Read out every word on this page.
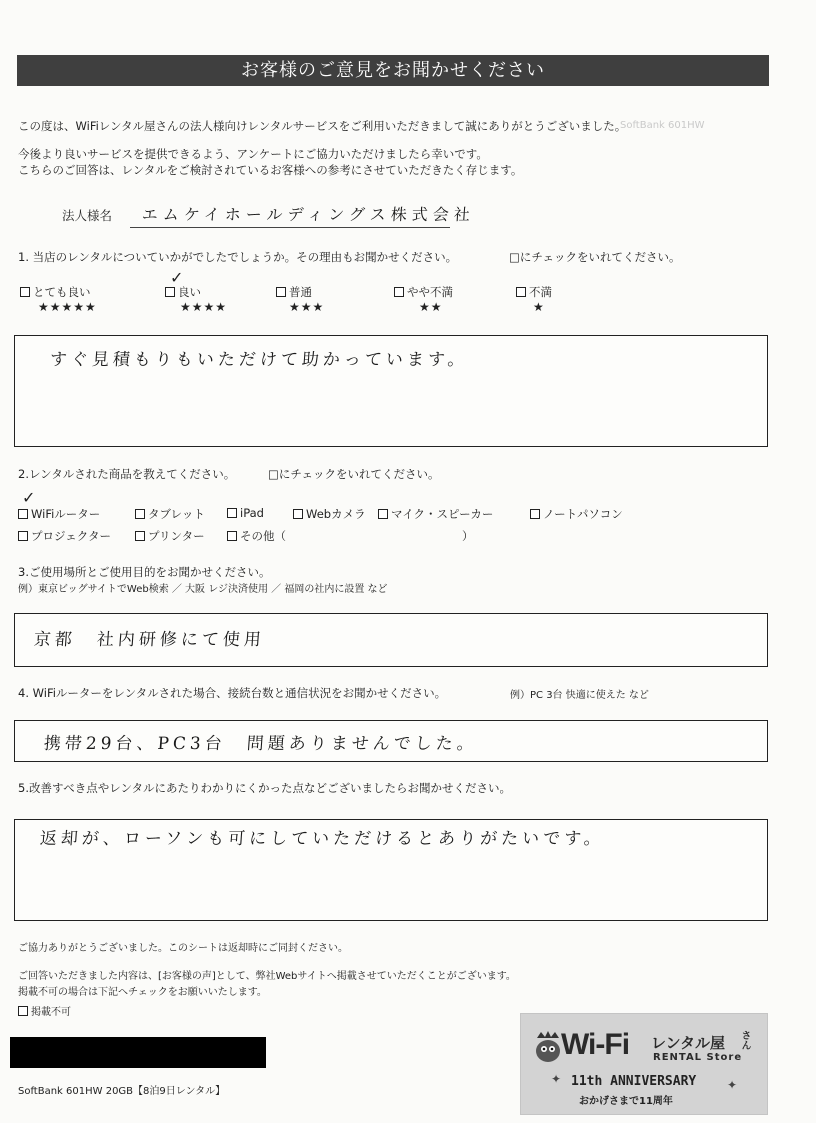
SoftBank 601HW
お客様のご意見をお聞かせください
この度は、WiFiレンタル屋さんの法人様向けレンタルサービスをご利用いただきまして誠にありがとうございました。
今後より良いサービスを提供できるよう、アンケートにご協力いただけましたら幸いです。
こちらのご回答は、レンタルをご検討されているお客様への参考にさせていただきたく存じます。
法人様名 エムケイホールディングス株式会社
1. 当店のレンタルについていかがでしたでしょうか。その理由もお聞かせください。	□にチェックをいれてください。
とても良い
★★★★★
良い
✓
★★★★
普通
★★★
やや不満
★★
不満
★
すぐ見積もりもいただけて助かっています。
2.レンタルされた商品を教えてください。	□にチェックをいれてください。
✓
WiFiルーター	タブレット	iPad	Webカメラ	マイク・スピーカー	ノートパソコン
プロジェクター	プリンター	その他（	）
3.ご使用場所とご使用目的をお聞かせください。
例）東京ビッグサイトでWeb検索 ／ 大阪 レジ決済使用 ／ 福岡の社内に設置 など
京都　社内研修にて使用
4. WiFiルーターをレンタルされた場合、接続台数と通信状況をお聞かせください。	例）PC 3台 快適に使えた など
携帯29台、PC3台　問題ありませんでした。
5.改善すべき点やレンタルにあたりわかりにくかった点などございましたらお聞かせください。
返却が、ローソンも可にしていただけるとありがたいです。
ご協力ありがとうございました。このシートは返却時にご同封ください。
ご回答いただきました内容は、[お客様の声]として、弊社Webサイトへ掲載させていただくことがございます。
掲載不可の場合は下記へチェックをお願いいたします。
掲載不可
SoftBank 601HW 20GB【8泊9日レンタル】
Wi-Fi レンタル屋 さん
RENTAL Store
11th ANNIVERSARY
おかげさまで11周年
✦	✦
